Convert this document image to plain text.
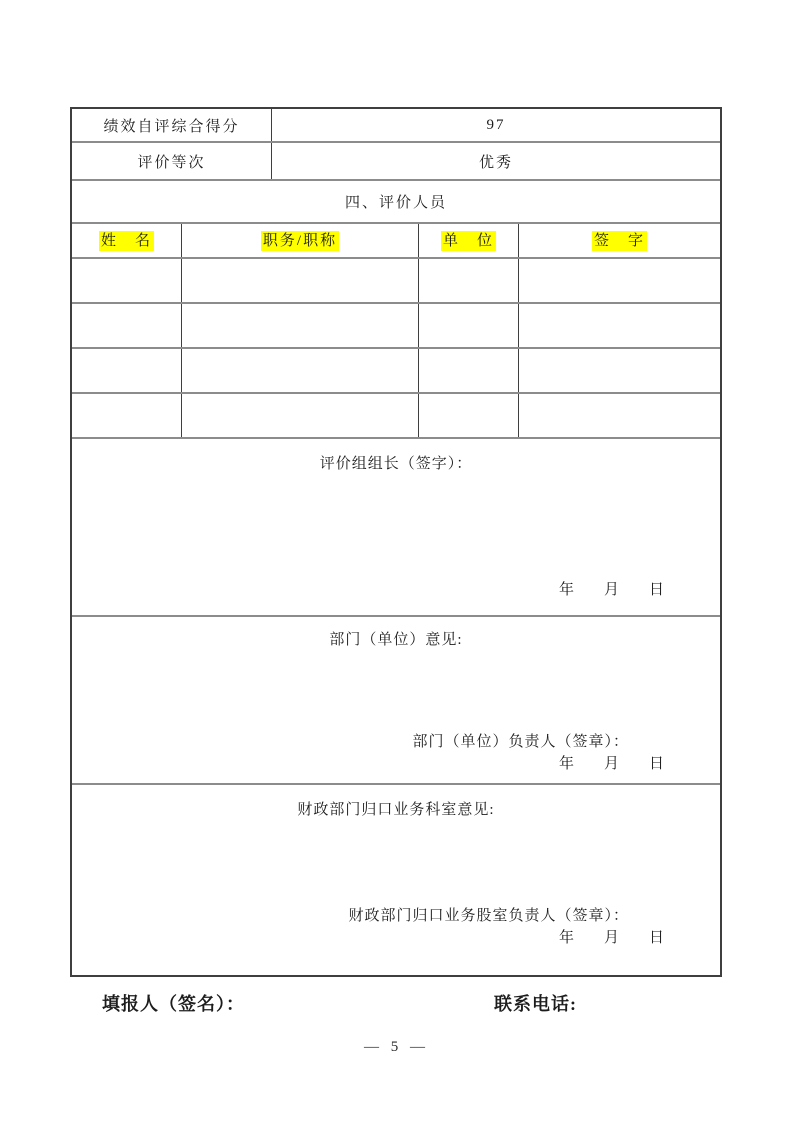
绩效自评综合得分	97
评价等次	优秀
四、评价人员
姓　名	职务/职称	单　位	签　字
评价组组长（签字）：
年　　月　　日
部门（单位）意见:
部门（单位）负责人（签章）：
年　　月　　日
财政部门归口业务科室意见:
财政部门归口业务股室负责人（签章）：
年　　月　　日
填报人（签名）：	联系电话:
— 5 —
